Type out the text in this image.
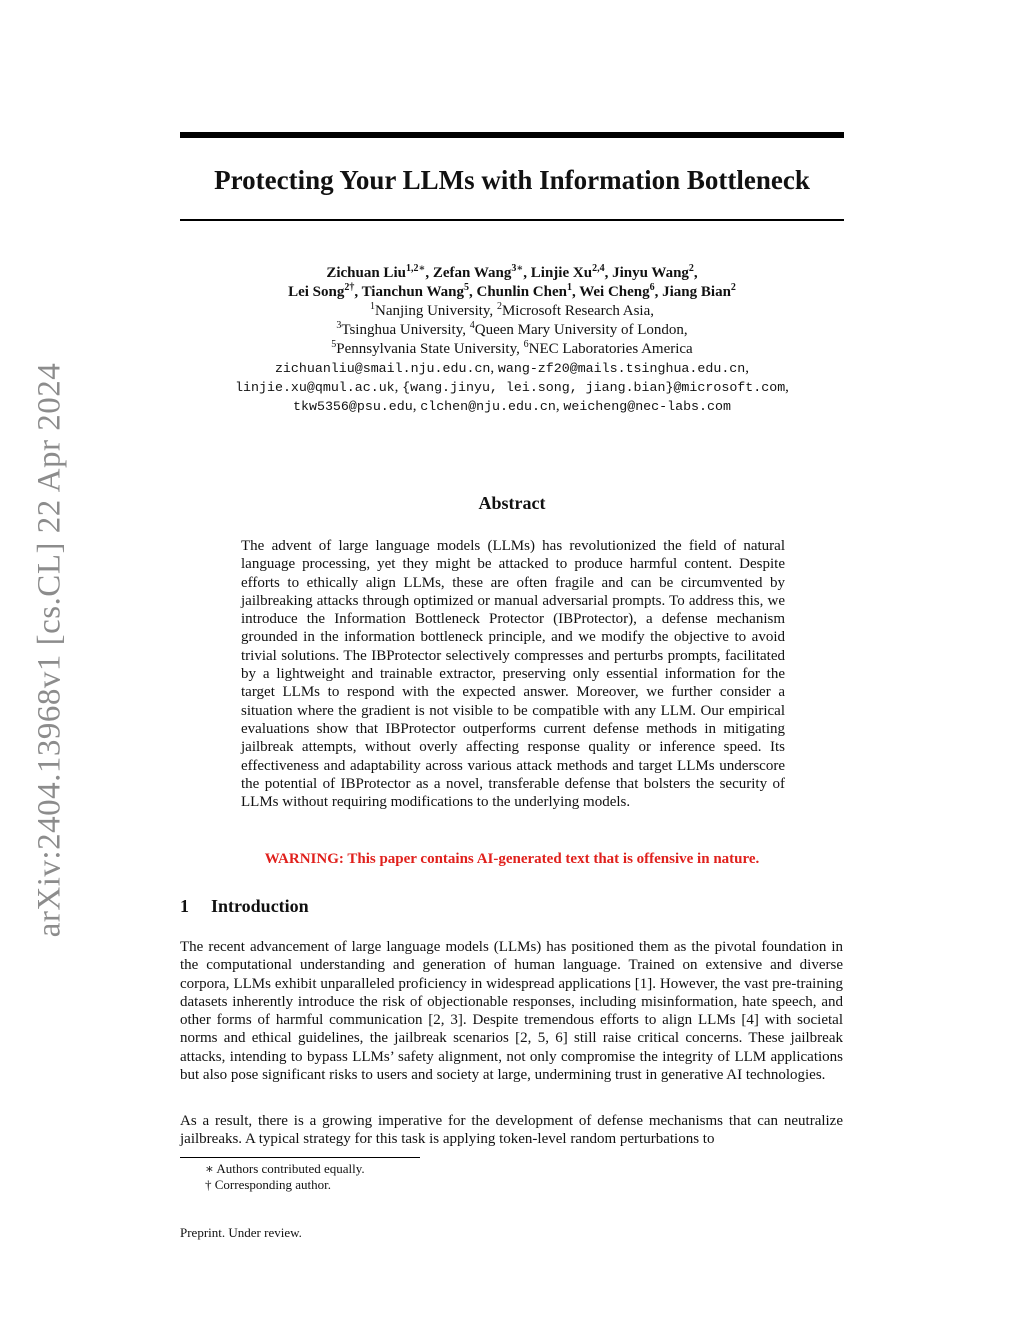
arXiv:2404.13968v1 [cs.CL] 22 Apr 2024
Protecting Your LLMs with Information Bottleneck
Zichuan Liu$^{1,2∗}$, Zefan Wang$^{3∗}$, Linjie Xu$^{2,4}$, Jinyu Wang$^2$,
Lei Song$^{2\dagger}$, Tianchun Wang$^5$, Chunlin Chen$^1$, Wei Cheng$^6$, Jiang Bian$^2$
$^1$Nanjing University, $^2$Microsoft Research Asia,
$^3$Tsinghua University, $^4$Queen Mary University of London,
$^5$Pennsylvania State University, $^6$NEC Laboratories America
zichuanliu@smail.nju.edu.cn, wang-zf20@mails.tsinghua.edu.cn,
linjie.xu@qmul.ac.uk, {wang.jinyu, lei.song, jiang.bian}@microsoft.com,
tkw5356@psu.edu, clchen@nju.edu.cn, weicheng@nec-labs.com
Abstract
The advent of large language models (LLMs) has revolutionized the field of natural language processing, yet they might be attacked to produce harmful content. Despite efforts to ethically align LLMs, these are often fragile and can be circumvented by jailbreaking attacks through optimized or manual adversarial prompts. To address this, we introduce the Information Bottleneck Protector (IBProtector), a defense mechanism grounded in the information bottleneck principle, and we modify the objective to avoid trivial solutions. The IBProtector selectively compresses and perturbs prompts, facilitated by a lightweight and trainable extractor, preserving only essential information for the target LLMs to respond with the expected answer. Moreover, we further consider a situation where the gradient is not visible to be compatible with any LLM. Our empirical evaluations show that IBProtector outperforms current defense methods in mitigating jailbreak attempts, without overly affecting response quality or inference speed. Its effectiveness and adaptability across various attack methods and target LLMs underscore the potential of IBProtector as a novel, transferable defense that bolsters the security of LLMs without requiring modifications to the underlying models.
WARNING: This paper contains AI-generated text that is offensive in nature.
1 Introduction

The recent advancement of large language models (LLMs) has positioned them as the pivotal foundation in the computational understanding and generation of human language. Trained on extensive and diverse corpora, LLMs exhibit unparalleled proficiency in widespread applications [1]. However, the vast pre-training datasets inherently introduce the risk of objectionable responses, including misinformation, hate speech, and other forms of harmful communication [2, 3]. Despite tremendous efforts to align LLMs [4] with societal norms and ethical guidelines, the jailbreak scenarios [2, 5, 6] still raise critical concerns. These jailbreak attacks, intending to bypass LLMs’ safety alignment, not only compromise the integrity of LLM applications but also pose significant risks to users and society at large, undermining trust in generative AI technologies.

As a result, there is a growing imperative for the development of defense mechanisms that can neutralize jailbreaks. A typical strategy for this task is applying token-level random perturbations to

∗ Authors contributed equally.
† Corresponding author.
Preprint. Under review.
